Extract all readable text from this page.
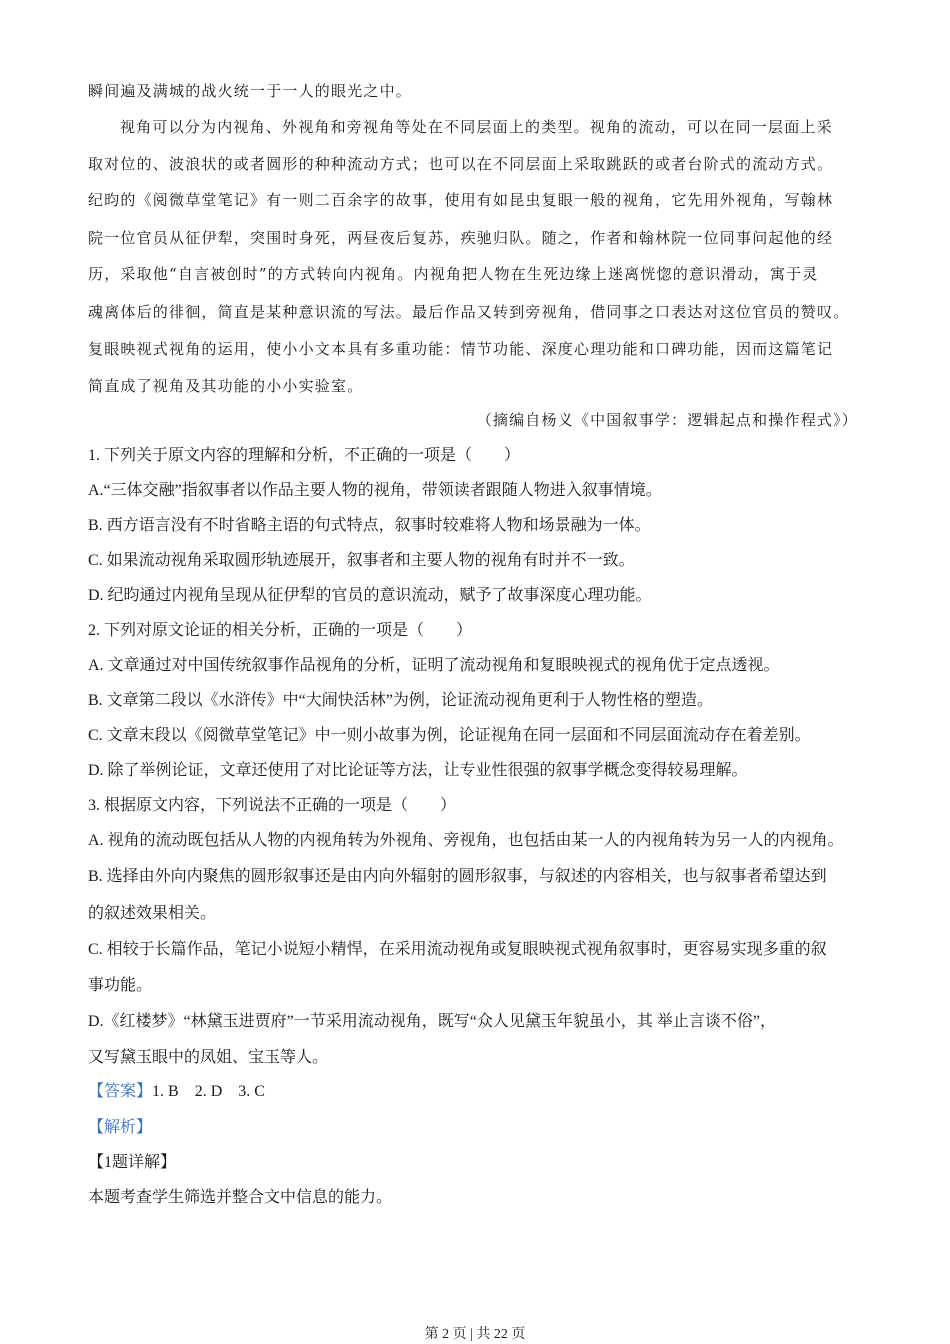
瞬间遍及满城的战火统一于一人的眼光之中。
视角可以分为内视角、外视角和旁视角等处在不同层面上的类型。视角的流动，可以在同一层面上采
取对位的、波浪状的或者圆形的种种流动方式；也可以在不同层面上采取跳跃的或者台阶式的流动方式。
纪昀的《阅微草堂笔记》有一则二百余字的故事，使用有如昆虫复眼一般的视角，它先用外视角，写翰林
院一位官员从征伊犁，突围时身死，两昼夜后复苏，疾驰归队。随之，作者和翰林院一位同事问起他的经
历，采取他“自言被创时”的方式转向内视角。内视角把人物在生死边缘上迷离恍惚的意识滑动，寓于灵
魂离体后的徘徊，简直是某种意识流的写法。最后作品又转到旁视角，借同事之口表达对这位官员的赞叹。
复眼映视式视角的运用，使小小文本具有多重功能：情节功能、深度心理功能和口碑功能，因而这篇笔记
简直成了视角及其功能的小小实验室。
（摘编自杨义《中国叙事学：逻辑起点和操作程式》）
1. 下列关于原文内容的理解和分析，不正确的一项是（　　）
A.“三体交融”指叙事者以作品主要人物的视角，带领读者跟随人物进入叙事情境。
B. 西方语言没有不时省略主语的句式特点，叙事时较难将人物和场景融为一体。
C. 如果流动视角采取圆形轨迹展开，叙事者和主要人物的视角有时并不一致。
D. 纪昀通过内视角呈现从征伊犁的官员的意识流动，赋予了故事深度心理功能。
2. 下列对原文论证的相关分析，正确的一项是（　　）
A. 文章通过对中国传统叙事作品视角的分析，证明了流动视角和复眼映视式的视角优于定点透视。
B. 文章第二段以《水浒传》中“大闹快活林”为例，论证流动视角更利于人物性格的塑造。
C. 文章末段以《阅微草堂笔记》中一则小故事为例，论证视角在同一层面和不同层面流动存在着差别。
D. 除了举例论证，文章还使用了对比论证等方法，让专业性很强的叙事学概念变得较易理解。
3. 根据原文内容，下列说法不正确的一项是（　　）
A. 视角的流动既包括从人物的内视角转为外视角、旁视角，也包括由某一人的内视角转为另一人的内视角。
B. 选择由外向内聚焦的圆形叙事还是由内向外辐射的圆形叙事，与叙述的内容相关，也与叙事者希望达到
的叙述效果相关。
C. 相较于长篇作品，笔记小说短小精悍，在采用流动视角或复眼映视式视角叙事时，更容易实现多重的叙
事功能。
D.《红楼梦》“林黛玉进贾府”一节采用流动视角，既写“众人见黛玉年貌虽小，其 举止言谈不俗”，
又写黛玉眼中的凤姐、宝玉等人。
【答案】1. B　2. D　3. C
【解析】
【1题详解】
本题考查学生筛选并整合文中信息的能力。
第 2 页 | 共 22 页
